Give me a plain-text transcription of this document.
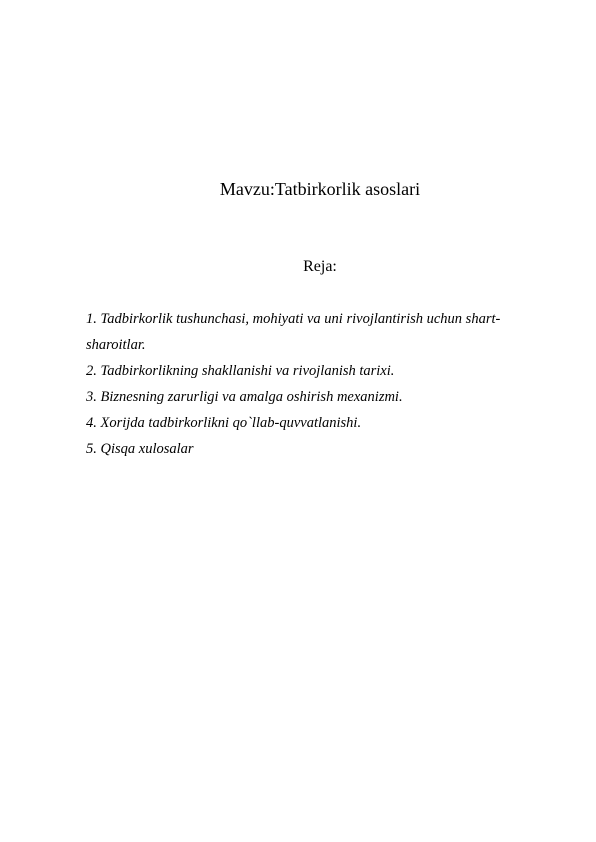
Mavzu:Tatbirkorlik asoslari
Reja:
1. Tadbirkorlik tushunchasi, mohiyati va uni rivojlantirish uchun shart-sharoitlar.
2. Tadbirkorlikning shakllanishi va rivojlanish tarixi.
3. Biznesning zarurligi va amalga oshirish mexanizmi.
4. Xorijda tadbirkorlikni qo`llab-quvvatlanishi.
5. Qisqa xulosalar
